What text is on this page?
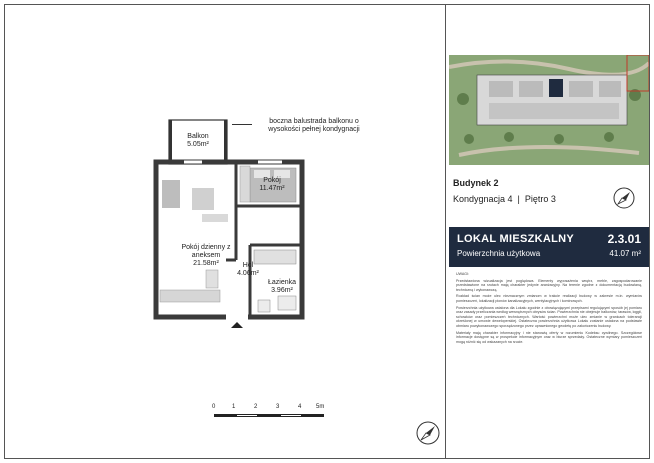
boczna balustrada balkonu o wysokości pełnej kondygnacji
Balkon
5.05m²
Pokój
11.47m²
Pokój dzienny z aneksem
21.58m²	Hol
4.06m²
Łazienka
3.96m²
0	1	2	3	4 5m
Budynek 2
Kondygnacja 4 | Piętro 3
LOKAL MIESZKALNY
Powierzchnia użytkowa
2.3.01
41.07 m²

UWAGI:

Przedstawiona wizualizacja jest poglądowa. Elementy wyposażenia wnętrz, meble, zagospodarowanie przedstawione na rzutach mają charakter jedynie aranżacyjny. Na terenie zgodne z dokumentacją budowlaną, techniczną i wykonawczą.

Rozkład ścian może ulec nieznacznym zmianom w trakcie realizacji budowy w zakresie m.in. wymiarów pomieszczeń, lokalizacji pionów kanalizacyjnych, wentylacyjnych i kominowych.

Powierzchnia użytkowa ustalona dla Lokalu zgodnie z obowiązującymi przepisami regulującymi sposób jej pomiaru oraz zasady przeliczania według wewnętrznych obrysów ścian. Powierzchnia nie obejmuje balkonów, tarasów, loggii, schowków oraz pomieszczeń technicznych. Wartość powierzchni może ulec zmianie w granicach tolerancji określonej w umowie deweloperskiej. Ostateczna powierzchnia użytkowa Lokalu zostanie ustalona na podstawie obmiaru powykonawczego sporządzonego przez uprawnionego geodetę po zakończeniu budowy.

Materiały mają charakter informacyjny i nie stanowią oferty w rozumieniu Kodeksu cywilnego. Szczegółowe informacje dostępne są w prospekcie informacyjnym oraz w biurze sprzedaży. Ostateczne wymiary pomieszczeń mogą różnić się od wskazanych na rzucie.
